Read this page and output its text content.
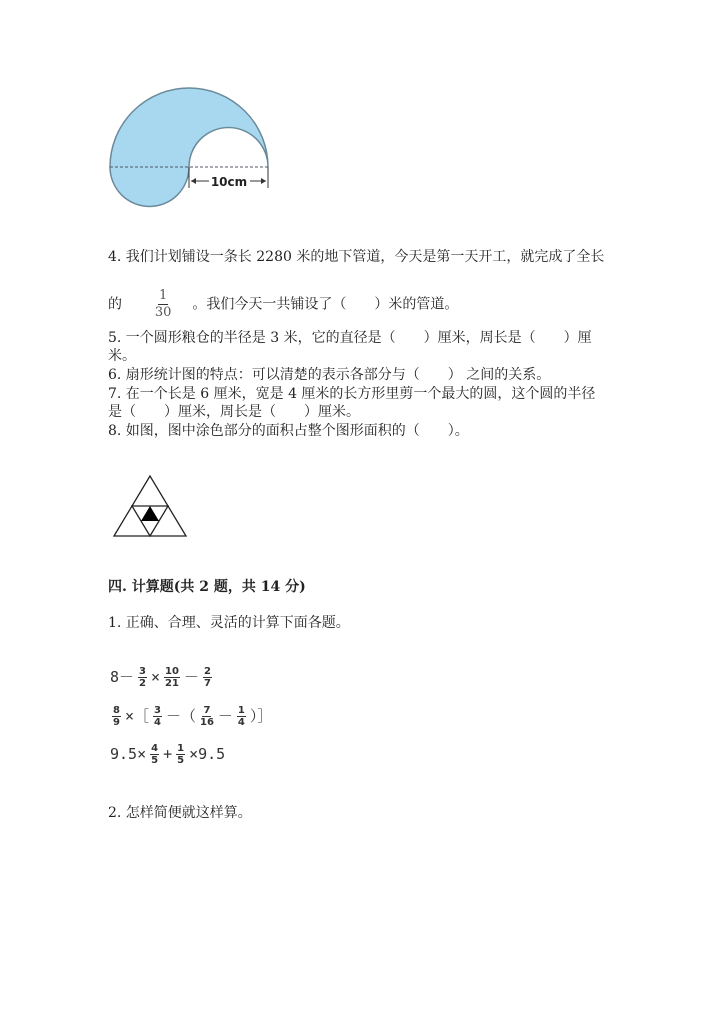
10cm
4. 我们计划铺设一条长 2280 米的地下管道，今天是第一天开工，就完成了全长
的	$\frac{1}{30}$ 。我们今天一共铺设了（　　）米的管道。
5. 一个圆形粮仓的半径是 3 米，它的直径是（　　）厘米，周长是（　　）厘
米。
6. 扇形统计图的特点：可以清楚的表示各部分与（　　） 之间的关系。
7. 在一个长是 6 厘米，宽是 4 厘米的长方形里剪一个最大的圆，这个圆的半径
是（　　）厘米，周长是（　　）厘米。
8. 如图，图中涂色部分的面积占整个图形面积的（　　）。
四. 计算题(共 2 题，共 14 分)
1. 正确、合理、灵活的计算下面各题。
$8- \frac{3}{2} \times \frac{10}{21} - \frac{2}{7}$
$\frac{8}{9}$ ×［ $\frac{3}{4}$ －（ $\frac{7}{16} - \frac{1}{4}$ ）］
$9.5\times \frac{4}{5} + \frac{1}{5} \times 9.5$
2. 怎样简便就这样算。
